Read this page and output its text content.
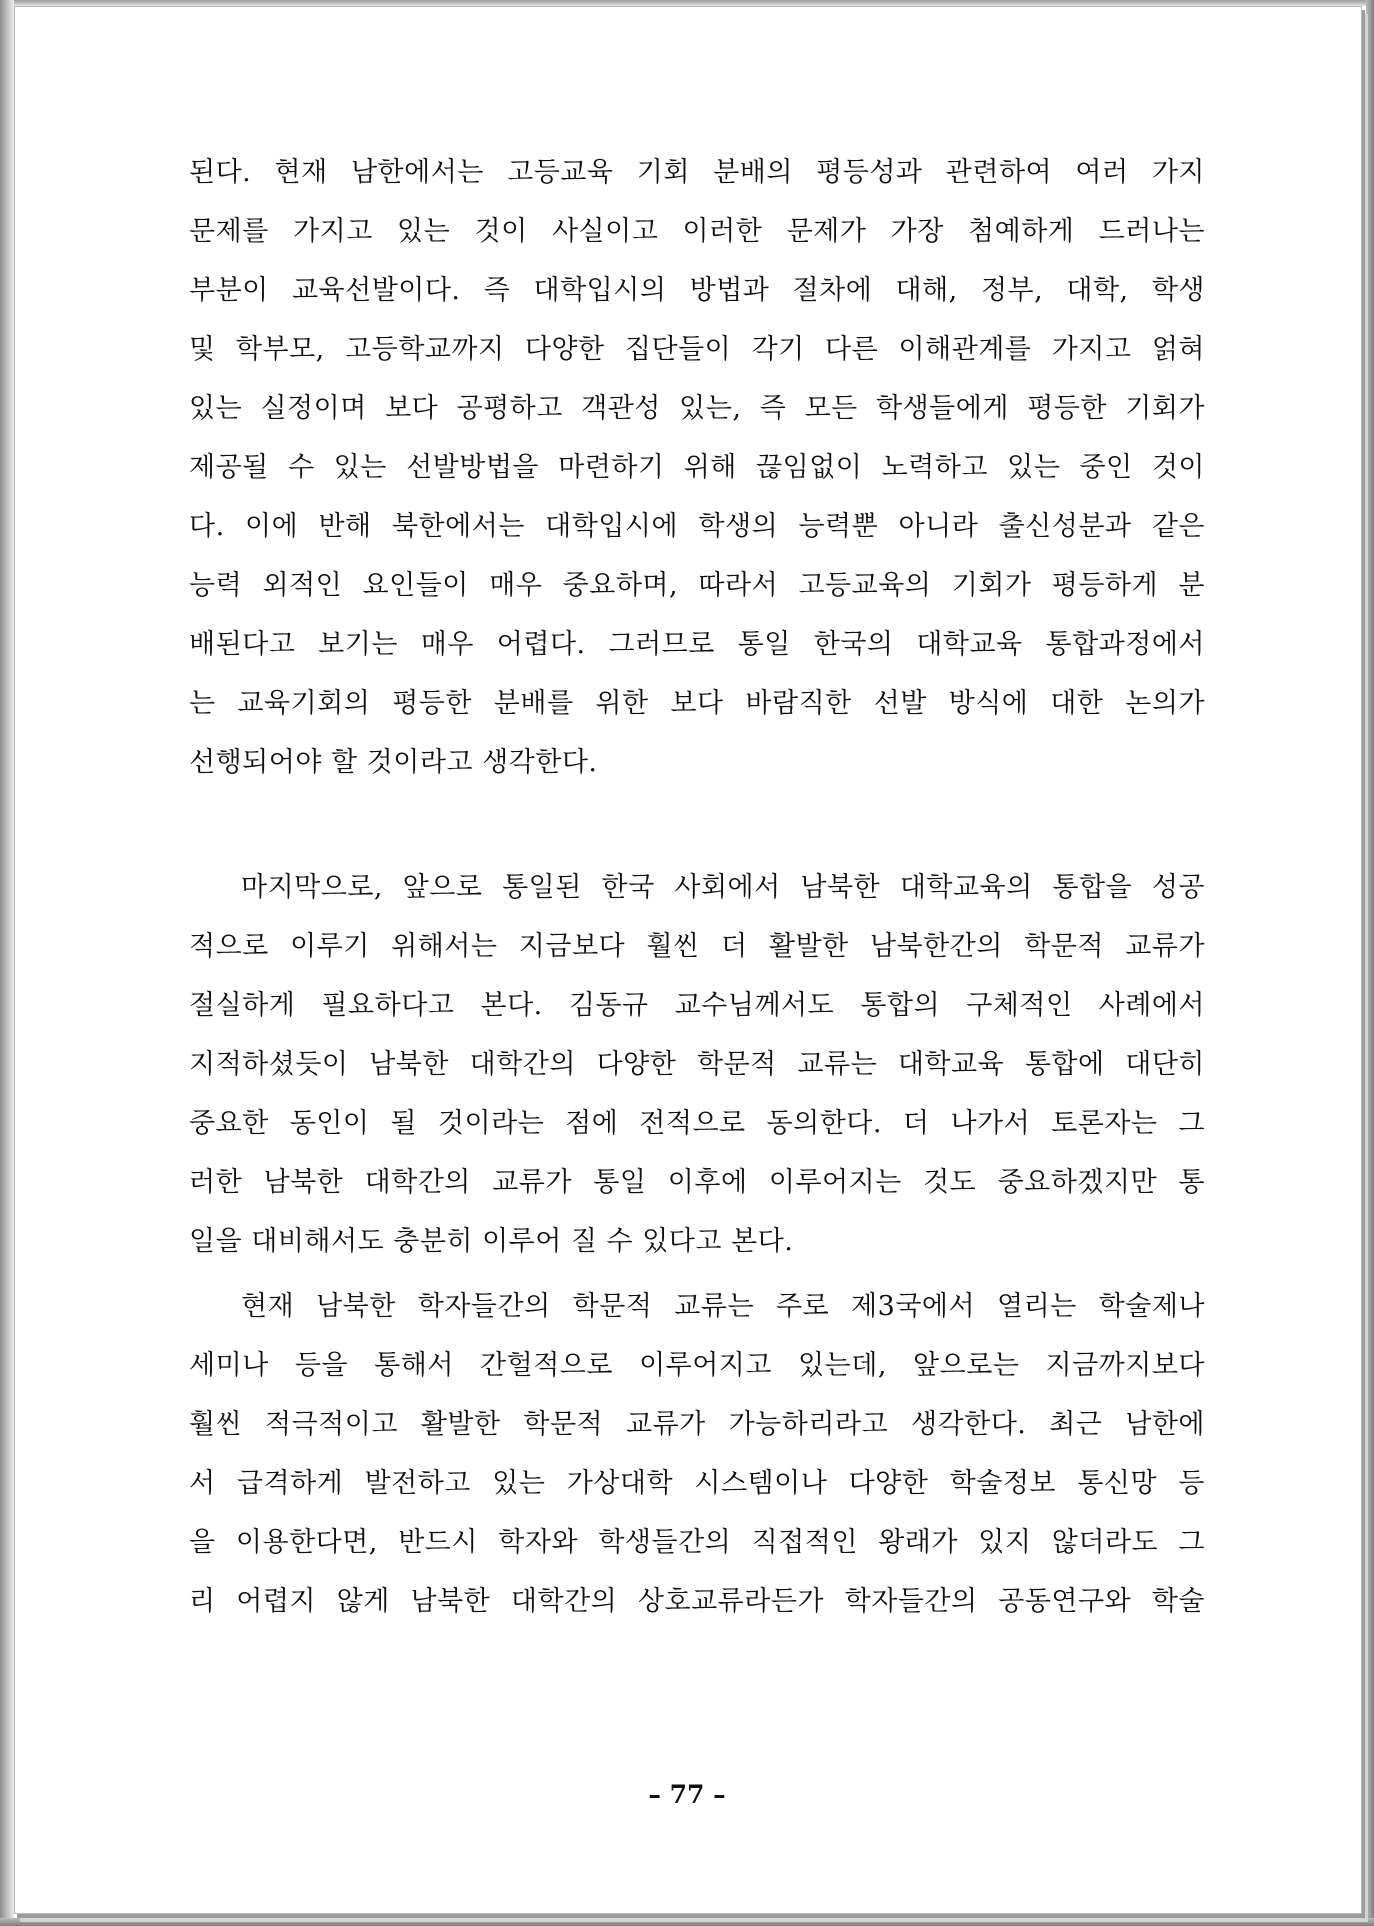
된다. 현재 남한에서는 고등교육 기회 분배의 평등성과 관련하여 여러 가지
문제를 가지고 있는 것이 사실이고 이러한 문제가 가장 첨예하게 드러나는
부분이 교육선발이다. 즉 대학입시의 방법과 절차에 대해, 정부, 대학, 학생
및 학부모, 고등학교까지 다양한 집단들이 각기 다른 이해관계를 가지고 얽혀
있는 실정이며 보다 공평하고 객관성 있는, 즉 모든 학생들에게 평등한 기회가
제공될 수 있는 선발방법을 마련하기 위해 끊임없이 노력하고 있는 중인 것이
다. 이에 반해 북한에서는 대학입시에 학생의 능력뿐 아니라 출신성분과 같은
능력 외적인 요인들이 매우 중요하며, 따라서 고등교육의 기회가 평등하게 분
배된다고 보기는 매우 어렵다. 그러므로 통일 한국의 대학교육 통합과정에서
는 교육기회의 평등한 분배를 위한 보다 바람직한 선발 방식에 대한 논의가
선행되어야 할 것이라고 생각한다.
마지막으로, 앞으로 통일된 한국 사회에서 남북한 대학교육의 통합을 성공
적으로 이루기 위해서는 지금보다 훨씬 더 활발한 남북한간의 학문적 교류가
절실하게 필요하다고 본다. 김동규 교수님께서도 통합의 구체적인 사례에서
지적하셨듯이 남북한 대학간의 다양한 학문적 교류는 대학교육 통합에 대단히
중요한 동인이 될 것이라는 점에 전적으로 동의한다. 더 나가서 토론자는 그
러한 남북한 대학간의 교류가 통일 이후에 이루어지는 것도 중요하겠지만 통
일을 대비해서도 충분히 이루어 질 수 있다고 본다.
현재 남북한 학자들간의 학문적 교류는 주로 제3국에서 열리는 학술제나
세미나 등을 통해서 간헐적으로 이루어지고 있는데, 앞으로는 지금까지보다
훨씬 적극적이고 활발한 학문적 교류가 가능하리라고 생각한다. 최근 남한에
서 급격하게 발전하고 있는 가상대학 시스템이나 다양한 학술정보 통신망 등
을 이용한다면, 반드시 학자와 학생들간의 직접적인 왕래가 있지 않더라도 그
리 어렵지 않게 남북한 대학간의 상호교류라든가 학자들간의 공동연구와 학술
– 77 –
